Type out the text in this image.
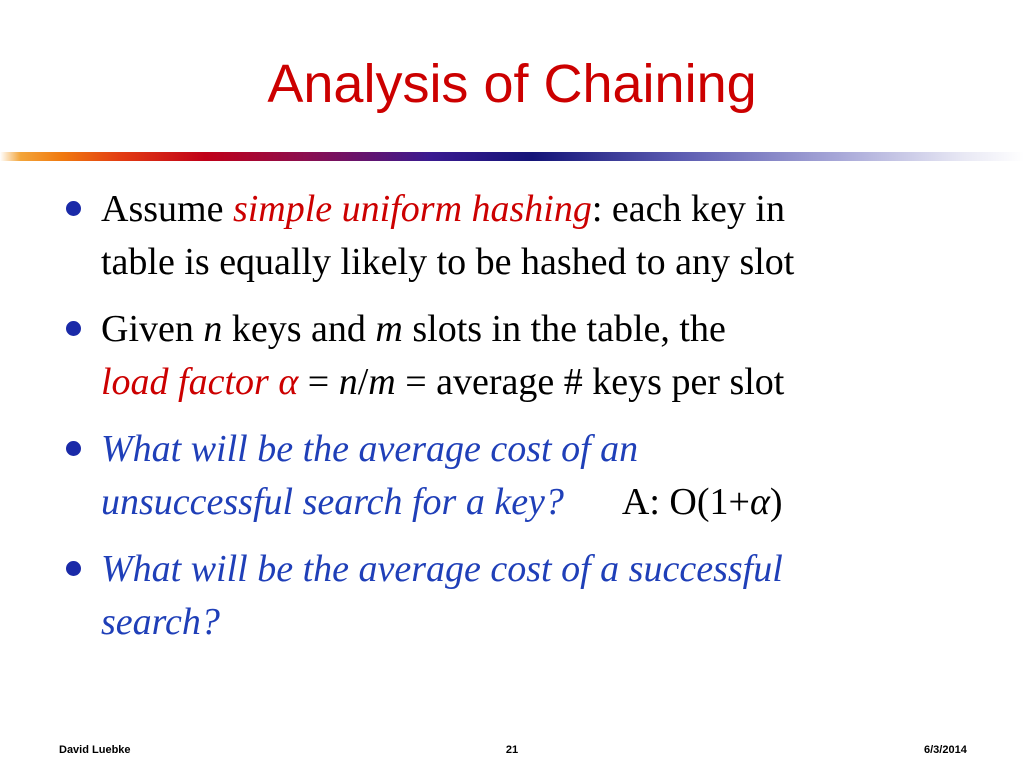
Analysis of Chaining
Assume simple uniform hashing: each key in
table is equally likely to be hashed to any slot
Given n keys and m slots in the table, the
load factor α = n/m = average # keys per slot
What will be the average cost of an
unsuccessful search for a key? A: O(1+α)
What will be the average cost of a successful
search?
David Luebke	21	6/3/2014
